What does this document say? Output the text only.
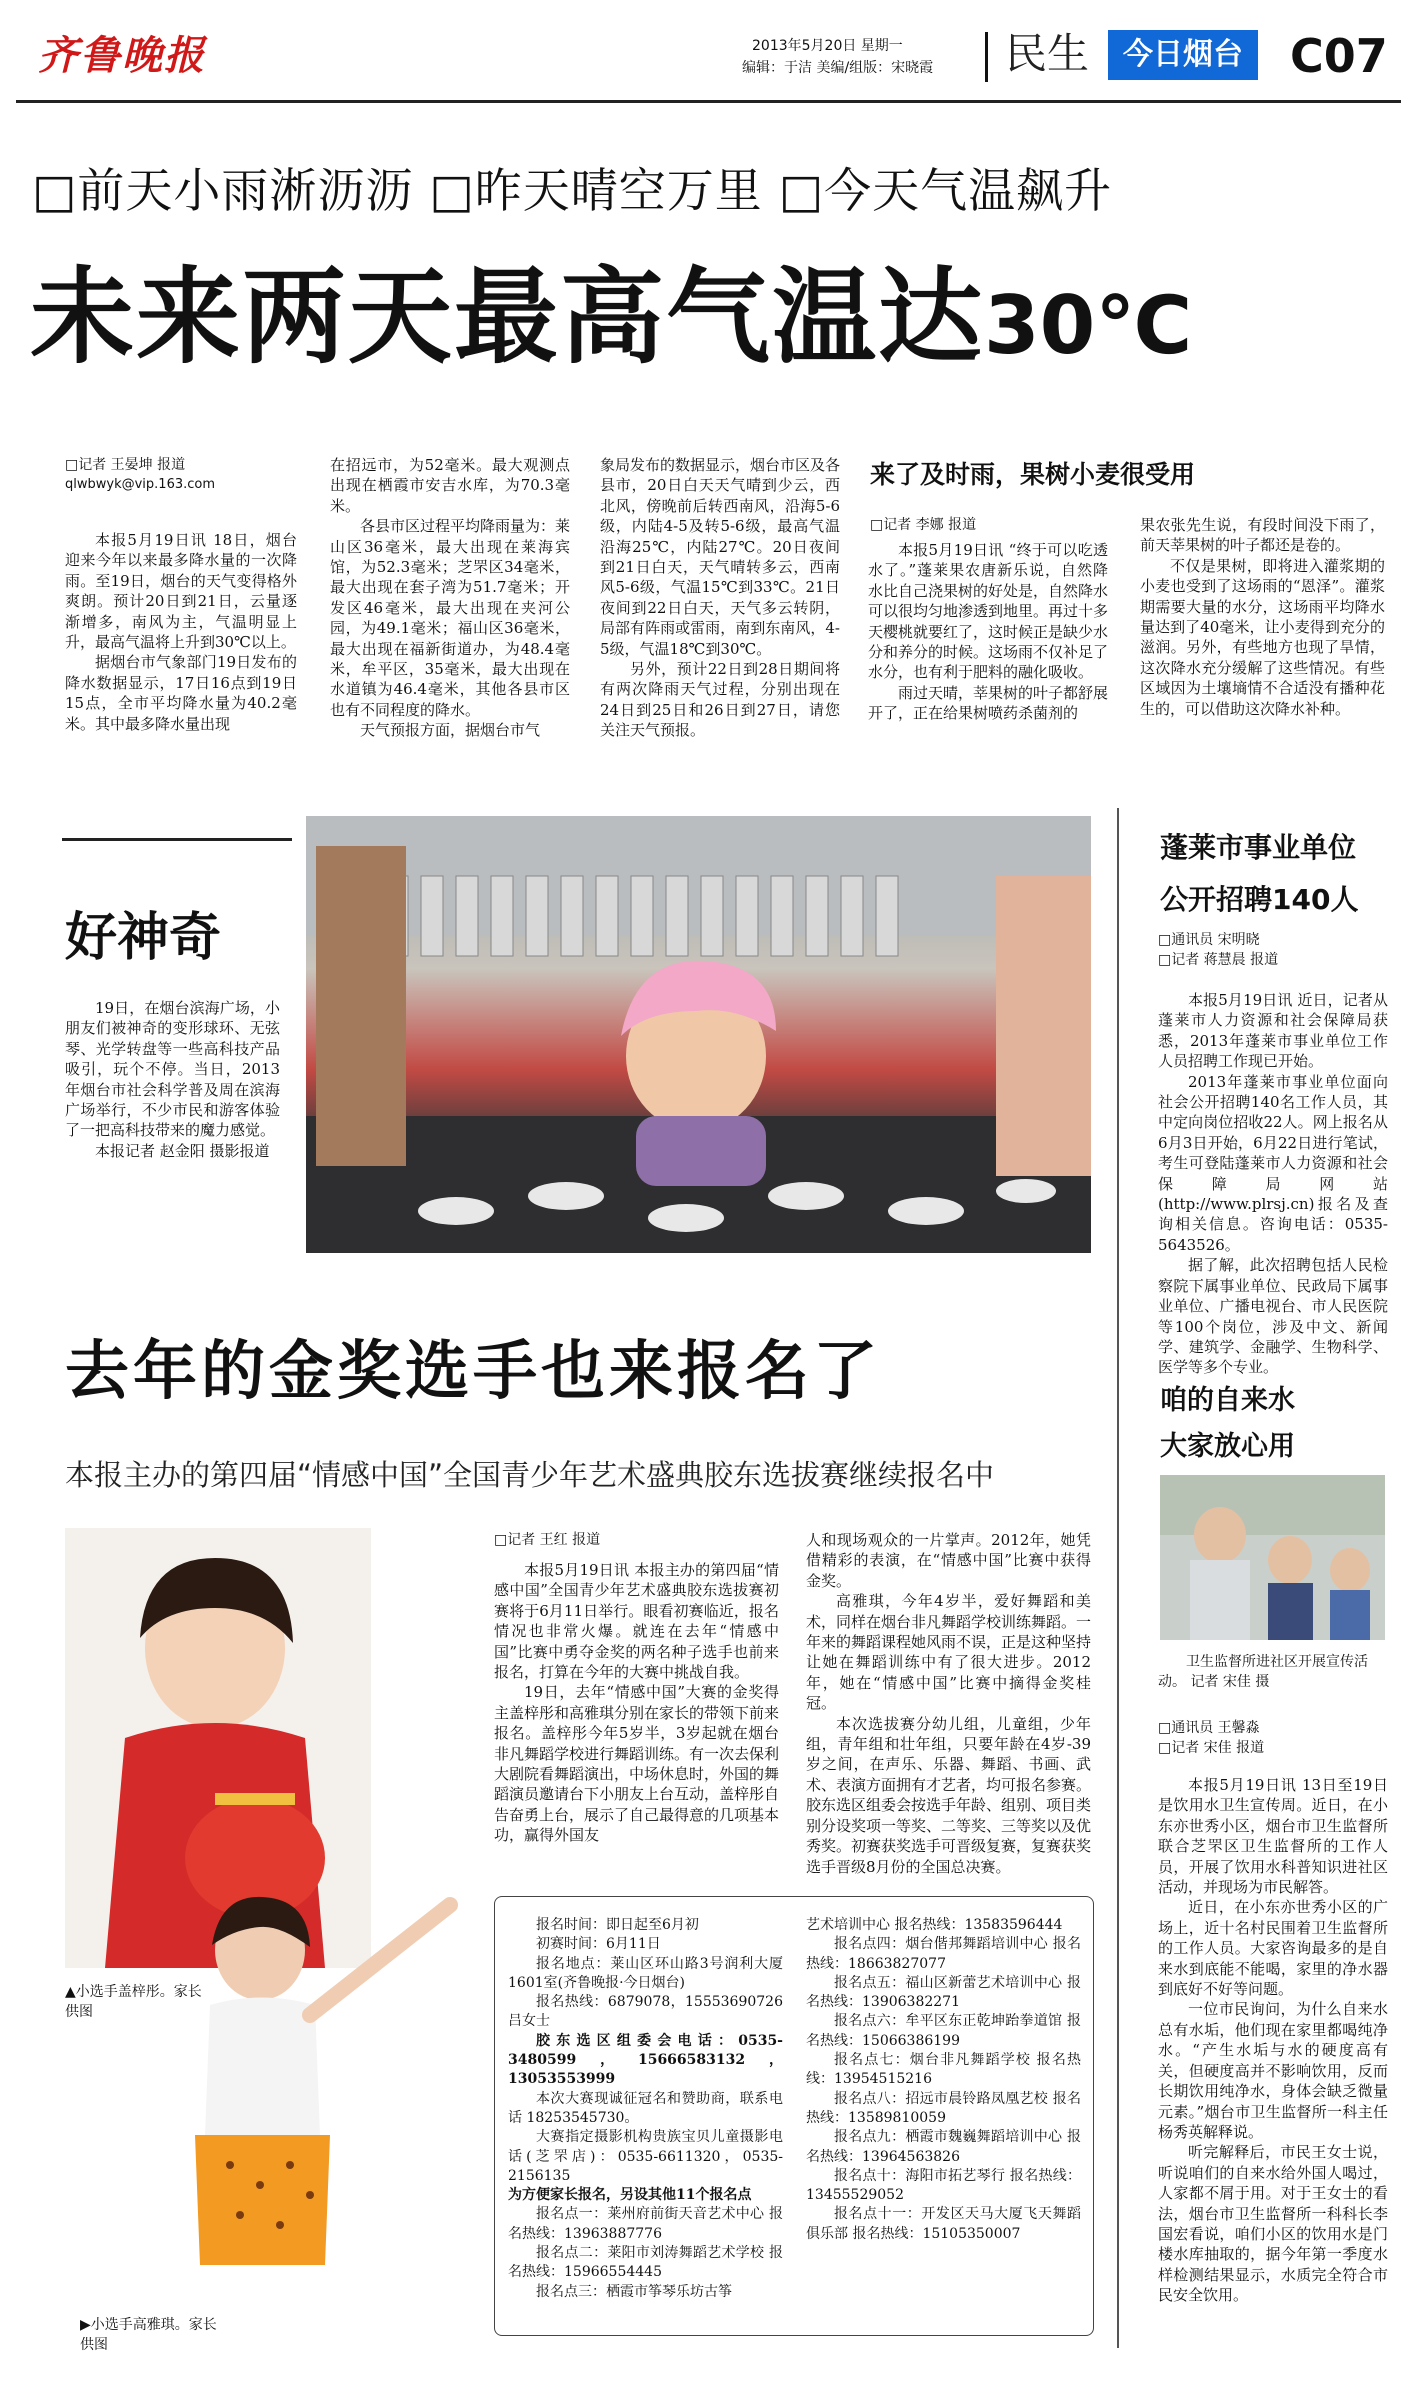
齐鲁晚报	2013年5月20日 星期一
编辑：于洁 美编/组版：宋晓霞 民生	今日烟台	C07
□前天小雨淅沥沥 □昨天晴空万里 □今天气温飙升
未来两天最高气温达30℃
□记者 王晏坤 报道
qlwbwyk@vip.163.com

本报5月19日讯 18日，烟台迎来今年以来最多降水量的一次降雨。至19日，烟台的天气变得格外爽朗。预计20日到21日，云量逐渐增多，南风为主，气温明显上升，最高气温将上升到30℃以上。

据烟台市气象部门19日发布的降水数据显示，17日16点到19日15点，全市平均降水量为40.2毫米。其中最多降水量出现

在招远市，为52毫米。最大观测点出现在栖霞市安吉水库，为70.3毫米。

各县市区过程平均降雨量为：莱山区36毫米，最大出现在莱海宾馆，为52.3毫米；芝罘区34毫米，最大出现在套子湾为51.7毫米；开发区46毫米，最大出现在夹河公园，为49.1毫米；福山区36毫米，最大出现在福新街道办，为48.4毫米，牟平区，35毫米，最大出现在水道镇为46.4毫米，其他各县市区也有不同程度的降水。

天气预报方面，据烟台市气

象局发布的数据显示，烟台市区及各县市，20日白天天气晴到少云，西北风，傍晚前后转西南风，沿海5-6级，内陆4-5及转5-6级，最高气温沿海25℃，内陆27℃。20日夜间到21日白天，天气晴转多云，西南风5-6级，气温15℃到33℃。21日夜间到22日白天，天气多云转阴，局部有阵雨或雷雨，南到东南风，4-5级，气温18℃到30℃。

另外，预计22日到28日期间将有两次降雨天气过程，分别出现在24日到25日和26日到27日，请您关注天气预报。

来了及时雨，果树小麦很受用
□记者 李娜 报道

本报5月19日讯 “终于可以吃透水了。”蓬莱果农唐新乐说，自然降水比自己浇果树的好处是，自然降水可以很均匀地渗透到地里。再过十多天樱桃就要红了，这时候正是缺少水分和养分的时候。这场雨不仅补足了水分，也有利于肥料的融化吸收。

雨过天晴，莘果树的叶子都舒展开了，正在给果树喷药杀菌剂的

果农张先生说，有段时间没下雨了，前天莘果树的叶子都还是卷的。

不仅是果树，即将进入灌浆期的小麦也受到了这场雨的“恩泽”。灌浆期需要大量的水分，这场雨平均降水量达到了40毫米，让小麦得到充分的滋润。另外，有些地方也现了旱情，这次降水充分缓解了这些情况。有些区域因为土壤墒情不合适没有播种花生的，可以借助这次降水补种。

好神奇

19日，在烟台滨海广场，小朋友们被神奇的变形球环、无弦琴、光学转盘等一些高科技产品吸引，玩个不停。当日，2013年烟台市社会科学普及周在滨海广场举行，不少市民和游客体验了一把高科技带来的魔力感觉。

本报记者 赵金阳 摄影报道

去年的金奖选手也来报名了
本报主办的第四届“情感中国”全国青少年艺术盛典胶东选拔赛继续报名中
▲小选手盖梓彤。家长供图
▶小选手高雅琪。家长供图
□记者 王红 报道

本报5月19日讯 本报主办的第四届“情感中国”全国青少年艺术盛典胶东选拔赛初赛将于6月11日举行。眼看初赛临近，报名情况也非常火爆。就连在去年“情感中国”比赛中勇夺金奖的两名种子选手也前来报名，打算在今年的大赛中挑战自我。

19日，去年“情感中国”大赛的金奖得主盖梓彤和高雅琪分别在家长的带领下前来报名。盖梓彤今年5岁半，3岁起就在烟台非凡舞蹈学校进行舞蹈训练。有一次去保利大剧院看舞蹈演出，中场休息时，外国的舞蹈演员邀请台下小朋友上台互动，盖梓彤自告奋勇上台，展示了自己最得意的几项基本功，赢得外国友

人和现场观众的一片掌声。2012年，她凭借精彩的表演，在“情感中国”比赛中获得金奖。

高雅琪，今年4岁半，爱好舞蹈和美术，同样在烟台非凡舞蹈学校训练舞蹈。一年来的舞蹈课程她风雨不误，正是这种坚持让她在舞蹈训练中有了很大进步。2012年，她在“情感中国”比赛中摘得金奖桂冠。

本次选拔赛分幼儿组，儿童组，少年组，青年组和壮年组，只要年龄在4岁-39岁之间，在声乐、乐器、舞蹈、书画、武术、表演方面拥有才艺者，均可报名参赛。胶东选区组委会按选手年龄、组别、项目类别分设奖项一等奖、二等奖、三等奖以及优秀奖。初赛获奖选手可晋级复赛，复赛获奖选手晋级8月份的全国总决赛。

报名时间：即日起至6月初

初赛时间：6月11日

报名地点：莱山区环山路3号润利大厦1601室(齐鲁晚报·今日烟台)

报名热线：6879078，15553690726吕女士

胶东选区组委会电话：0535-3480599，15666583132，13053553999

本次大赛现诚征冠名和赞助商，联系电话 18253545730。

大赛指定摄影机构贵族宝贝儿童摄影电话(芝罘店)：0535-6611320，0535-2156135

为方便家长报名，另设其他11个报名点

报名点一：莱州府前街天音艺术中心 报名热线：13963887776

报名点二：莱阳市刘涛舞蹈艺术学校 报名热线：15966554445

报名点三：栖霞市筝琴乐坊古筝

艺术培训中心 报名热线：13583596444

报名点四：烟台偕邦舞蹈培训中心 报名热线：18663827077

报名点五：福山区新蕾艺术培训中心 报名热线：13906382271

报名点六：牟平区东正乾坤跆拳道馆 报名热线：15066386199

报名点七：烟台非凡舞蹈学校 报名热线：13954515216

报名点八：招远市晨铃路凤凰艺校 报名热线：13589810059

报名点九：栖霞市魏巍舞蹈培训中心 报名热线：13964563826

报名点十：海阳市拓艺琴行 报名热线：13455529052

报名点十一：开发区天马大厦飞天舞蹈俱乐部 报名热线：15105350007

蓬莱市事业单位
公开招聘140人
□通讯员 宋明晓
□记者 蒋慧晨 报道

本报5月19日讯 近日，记者从蓬莱市人力资源和社会保障局获悉，2013年蓬莱市事业单位工作人员招聘工作现已开始。

2013年蓬莱市事业单位面向社会公开招聘140名工作人员，其中定向岗位招收22人。网上报名从6月3日开始，6月22日进行笔试，考生可登陆蓬莱市人力资源和社会保障局网站(http://www.plrsj.cn)报名及查询相关信息。咨询电话：0535-5643526。

据了解，此次招聘包括人民检察院下属事业单位、民政局下属事业单位、广播电视台、市人民医院等100个岗位，涉及中文、新闻学、建筑学、金融学、生物科学、医学等多个专业。

咱的自来水
大家放心用
卫生监督所进社区开展宣传活动。 记者 宋佳 摄
□通讯员 王馨淼
□记者 宋佳 报道

本报5月19日讯 13日至19日是饮用水卫生宣传周。近日，在小东亦世秀小区，烟台市卫生监督所联合芝罘区卫生监督所的工作人员，开展了饮用水科普知识进社区活动，并现场为市民解答。

近日，在小东亦世秀小区的广场上，近十名村民围着卫生监督所的工作人员。大家咨询最多的是自来水到底能不能喝，家里的净水器到底好不好等问题。

一位市民询问，为什么自来水总有水垢，他们现在家里都喝纯净水。“产生水垢与水的硬度高有关，但硬度高并不影响饮用，反而长期饮用纯净水，身体会缺乏微量元素。”烟台市卫生监督所一科主任杨秀英解释说。

听完解释后，市民王女士说，听说咱们的自来水给外国人喝过，人家都不屑于用。对于王女士的看法，烟台市卫生监督所一科科长李国宏看说，咱们小区的饮用水是门楼水库抽取的，据今年第一季度水样检测结果显示，水质完全符合市民安全饮用。
